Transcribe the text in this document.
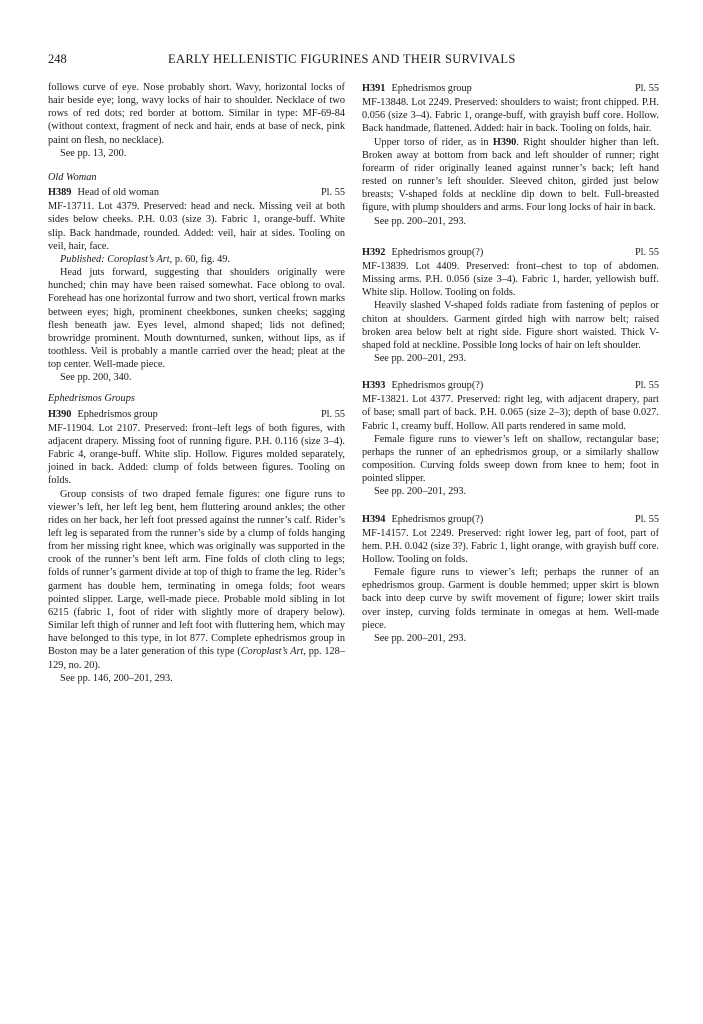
248	EARLY HELLENISTIC FIGURINES AND THEIR SURVIVALS

follows curve of eye. Nose probably short. Wavy, horizontal locks of hair beside eye; long, wavy locks of hair to shoulder. Necklace of two rows of red dots; red border at bottom. Similar in type: MF-69-84 (without context, fragment of neck and hair, ends at base of neck, pink paint on flesh, no necklace).

See pp. 13, 200.

Old Woman

H389 Head of old woman	Pl. 55

MF-13711. Lot 4379. Preserved: head and neck. Missing veil at both sides below cheeks. P.H. 0.03 (size 3). Fabric 1, orange-buff. White slip. Back handmade, rounded. Added: veil, hair at sides. Tooling on veil, hair, face.

Published: Coroplast’s Art, p. 60, fig. 49.

Head juts forward, suggesting that shoulders originally were hunched; chin may have been raised somewhat. Face oblong to oval. Forehead has one horizontal furrow and two short, vertical frown marks between eyes; high, prominent cheekbones, sunken cheeks; sagging flesh beneath jaw. Eyes level, almond shaped; lids not defined; browridge prominent. Mouth downturned, sunken, without lips, as if toothless. Veil is probably a mantle carried over the head; pleat at the top center. Well-made piece.

See pp. 200, 340.

Ephedrismos Groups

H390 Ephedrismos group	Pl. 55

MF-11904. Lot 2107. Preserved: front–left legs of both figures, with adjacent drapery. Missing foot of running figure. P.H. 0.116 (size 3–4). Fabric 4, orange-buff. White slip. Hollow. Figures molded separately, joined in back. Added: clump of folds between figures. Tooling on folds.

Group consists of two draped female figures: one figure runs to viewer’s left, her left leg bent, hem fluttering around ankles; the other rides on her back, her left foot pressed against the runner’s calf. Rider’s left leg is separated from the runner’s side by a clump of folds hanging from her missing right knee, which was originally was supported in the crook of the runner’s bent left arm. Fine folds of cloth cling to legs; folds of runner’s garment divide at top of thigh to frame the leg. Rider’s garment has double hem, terminating in omega folds; foot wears pointed slipper. Large, well-made piece. Probable mold sibling in lot 6215 (fabric 1, foot of rider with slightly more of drapery below). Similar left thigh of runner and left foot with fluttering hem, which may have belonged to this type, in lot 877. Complete ephedrismos group in Boston may be a later generation of this type (Coroplast’s Art, pp. 128–129, no. 20).

See pp. 146, 200–201, 293.

H391 Ephedrismos group	Pl. 55

MF-13848. Lot 2249. Preserved: shoulders to waist; front chipped. P.H. 0.056 (size 3–4). Fabric 1, orange-buff, with grayish buff core. Hollow. Back handmade, flattened. Added: hair in back. Tooling on folds, hair.

Upper torso of rider, as in H390. Right shoulder higher than left. Broken away at bottom from back and left shoulder of runner; right forearm of rider originally leaned against runner’s back; left hand rested on runner’s left shoulder. Sleeved chiton, girded just below breasts; V-shaped folds at neckline dip down to belt. Full-breasted figure, with plump shoulders and arms. Four long locks of hair in back.

See pp. 200–201, 293.

H392 Ephedrismos group(?)	Pl. 55

MF-13839. Lot 4409. Preserved: front–chest to top of abdomen. Missing arms. P.H. 0.056 (size 3–4). Fabric 1, harder, yellowish buff. White slip. Hollow. Tooling on folds.

Heavily slashed V-shaped folds radiate from fastening of peplos or chiton at shoulders. Garment girded high with narrow belt; raised broken area below belt at right side. Figure short waisted. Thick V-shaped fold at neckline. Possible long locks of hair on left shoulder.

See pp. 200–201, 293.

H393 Ephedrismos group(?)	Pl. 55

MF-13821. Lot 4377. Preserved: right leg, with adjacent drapery, part of base; small part of back. P.H. 0.065 (size 2–3); depth of base 0.027. Fabric 1, creamy buff. Hollow. All parts rendered in same mold.

Female figure runs to viewer’s left on shallow, rectangular base; perhaps the runner of an ephedrismos group, or a similarly shallow composition. Curving folds sweep down from knee to hem; foot in pointed slipper.

See pp. 200–201, 293.

H394 Ephedrismos group(?)	Pl. 55

MF-14157. Lot 2249. Preserved: right lower leg, part of foot, part of hem. P.H. 0.042 (size 3?). Fabric 1, light orange, with grayish buff core. Hollow. Tooling on folds.

Female figure runs to viewer’s left; perhaps the runner of an ephedrismos group. Garment is double hemmed; upper skirt is blown back into deep curve by swift movement of figure; lower skirt trails over instep, curving folds terminate in omegas at hem. Well-made piece.

See pp. 200–201, 293.
